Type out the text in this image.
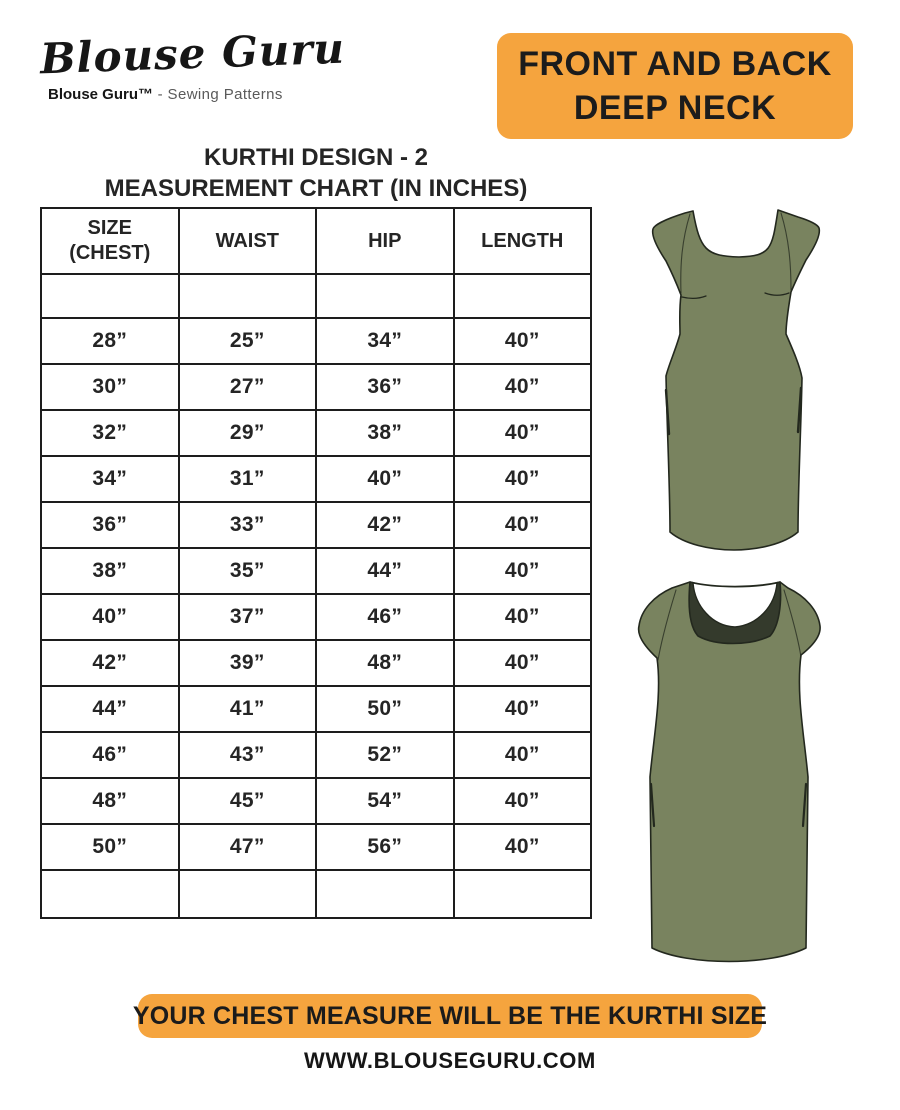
Blouse Guru
Blouse Guru™ - Sewing Patterns
FRONT AND BACK
DEEP NECK
KURTHI DESIGN - 2
MEASUREMENT CHART (IN INCHES)
SIZE (CHEST)	WAIST	HIP	LENGTH

28”	25”	34”	40”
30”	27”	36”	40”
32”	29”	38”	40”
34”	31”	40”	40”
36”	33”	42”	40”
38”	35”	44”	40”
40”	37”	46”	40”
42”	39”	48”	40”
44”	41”	50”	40”
46”	43”	52”	40”
48”	45”	54”	40”
50”	47”	56”	40”

YOUR CHEST MEASURE WILL BE THE KURTHI SIZE
WWW.BLOUSEGURU.COM
